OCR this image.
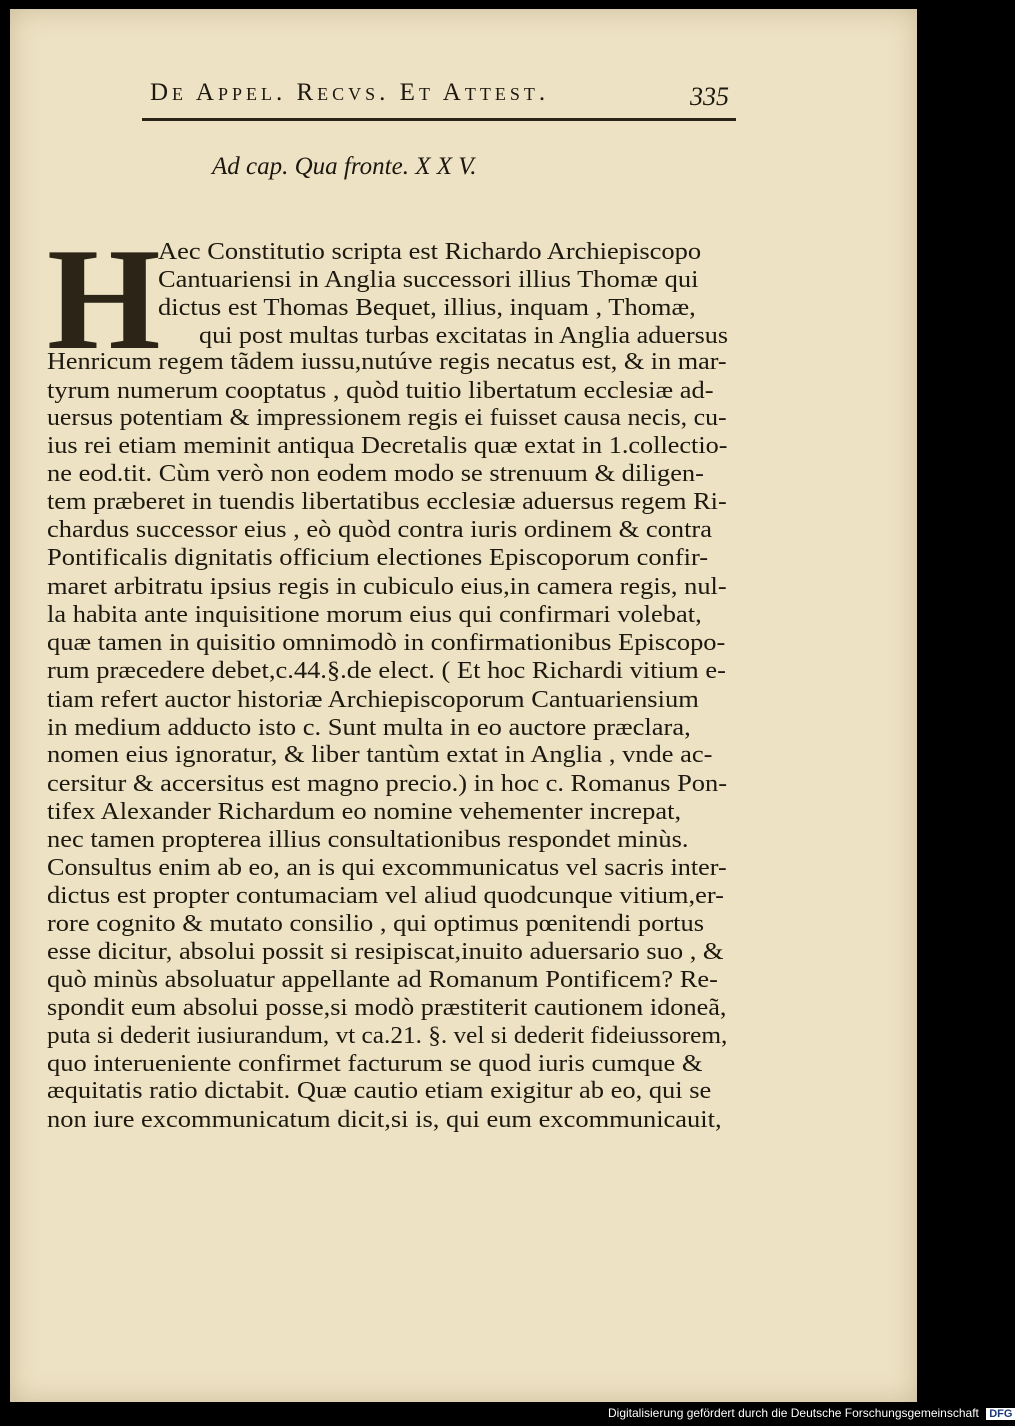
De Appel. Recvs. Et Attest.	335
Ad cap. Qua fronte. X X V.
H
Aec Constitutio scripta est Richardo Archiepiscopo
Cantuariensi in Anglia successori illius Thomæ qui
dictus est Thomas Bequet, illius, inquam , Thomæ,
qui post multas turbas excitatas in Anglia aduersus
Henricum regem tãdem iussu,nutúve regis necatus est, & in mar-
tyrum numerum cooptatus , quòd tuitio libertatum ecclesiæ ad-
uersus potentiam & impressionem regis ei fuisset causa necis, cu-
ius rei etiam meminit antiqua Decretalis quæ extat in 1.collectio-
ne eod.tit. Cùm verò non eodem modo se strenuum & diligen-
tem præberet in tuendis libertatibus ecclesiæ aduersus regem Ri-
chardus successor eius , eò quòd contra iuris ordinem & contra
Pontificalis dignitatis officium electiones Episcoporum confir-
maret arbitratu ipsius regis in cubiculo eius,in camera regis, nul-
la habita ante inquisitione morum eius qui confirmari volebat,
quæ tamen in quisitio omnimodò in confirmationibus Episcopo-
rum præcedere debet,c.44.§.de elect. ( Et hoc Richardi vitium e-
tiam refert auctor historiæ Archiepiscoporum Cantuariensium
in medium adducto isto c. Sunt multa in eo auctore præclara,
nomen eius ignoratur, & liber tantùm extat in Anglia , vnde ac-
cersitur & accersitus est magno precio.) in hoc c. Romanus Pon-
tifex Alexander Richardum eo nomine vehementer increpat,
nec tamen propterea illius consultationibus respondet minùs.
Consultus enim ab eo, an is qui excommunicatus vel sacris inter-
dictus est propter contumaciam vel aliud quodcunque vitium,er-
rore cognito & mutato consilio , qui optimus pœnitendi portus
esse dicitur, absolui possit si resipiscat,inuito aduersario suo , &
quò minùs absoluatur appellante ad Romanum Pontificem? Re-
spondit eum absolui posse,si modò præstiterit cautionem idoneã,
puta si dederit iusiurandum, vt ca.21. §. vel si dederit fideiussorem,
quo interueniente confirmet facturum se quod iuris cumque &
æquitatis ratio dictabit. Quæ cautio etiam exigitur ab eo, qui se
non iure excommunicatum dicit,si is, qui eum excommunicauit,
Digitalisierung gefördert durch die Deutsche Forschungsgemeinschaft DFG
